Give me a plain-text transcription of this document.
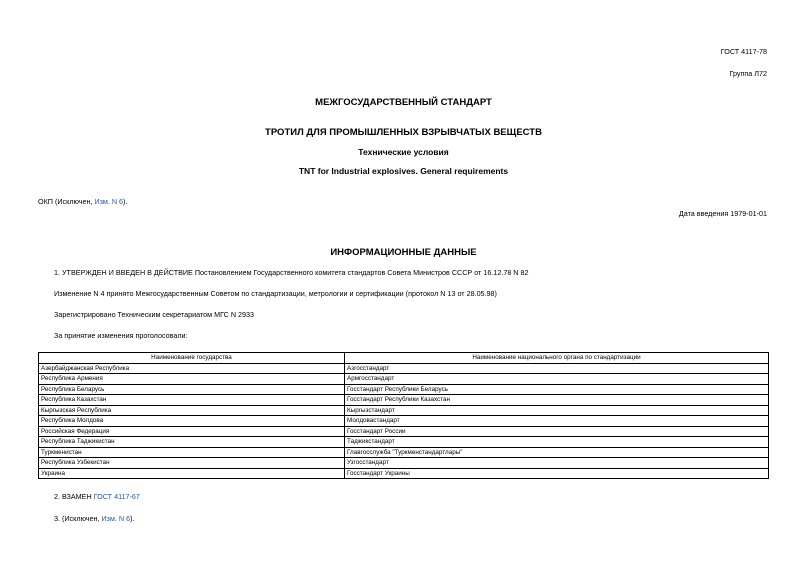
ГОСТ 4117-78
Группа Л72
МЕЖГОСУДАРСТВЕННЫЙ СТАНДАРТ
ТРОТИЛ ДЛЯ ПРОМЫШЛЕННЫХ ВЗРЫВЧАТЫХ ВЕЩЕСТВ
Технические условия
TNT for Industrial explosives. General requirements
ОКП (Исключен, Изм. N 6).
Дата введения 1979-01-01
ИНФОРМАЦИОННЫЕ ДАННЫЕ
1. УТВЕРЖДЕН И ВВЕДЕН В ДЕЙСТВИЕ Постановлением Государственного комитета стандартов Совета Министров СССР от 16.12.78 N 82
Изменение N 4 принято Межгосударственным Советом по стандартизации, метрологии и сертификации (протокол N 13 от 28.05.98)
Зарегистрировано Техническим секретариатом МГС N 2933
За принятие изменения проголосовали:
Наименование государства	Наименование национального органа по стандартизации
Азербайджанская Республика	Азгосстандарт
Республика Армения	Армгосстандарт
Республика Беларусь	Госстандарт Республики Беларусь
Республика Казахстан	Госстандарт Республики Казахстан
Кыргызская Республика	Кыргызстандарт
Республика Молдова	Молдовастандарт
Российская Федерация	Госстандарт России
Республика Таджикистан	Таджикстандарт
Туркменистан	Главгосслужба "Туркменстандартлары"
Республика Узбекистан	Узгосстандарт
Украина	Госстандарт Украины
2. ВЗАМЕН ГОСТ 4117-67
3. (Исключен, Изм. N 6).
